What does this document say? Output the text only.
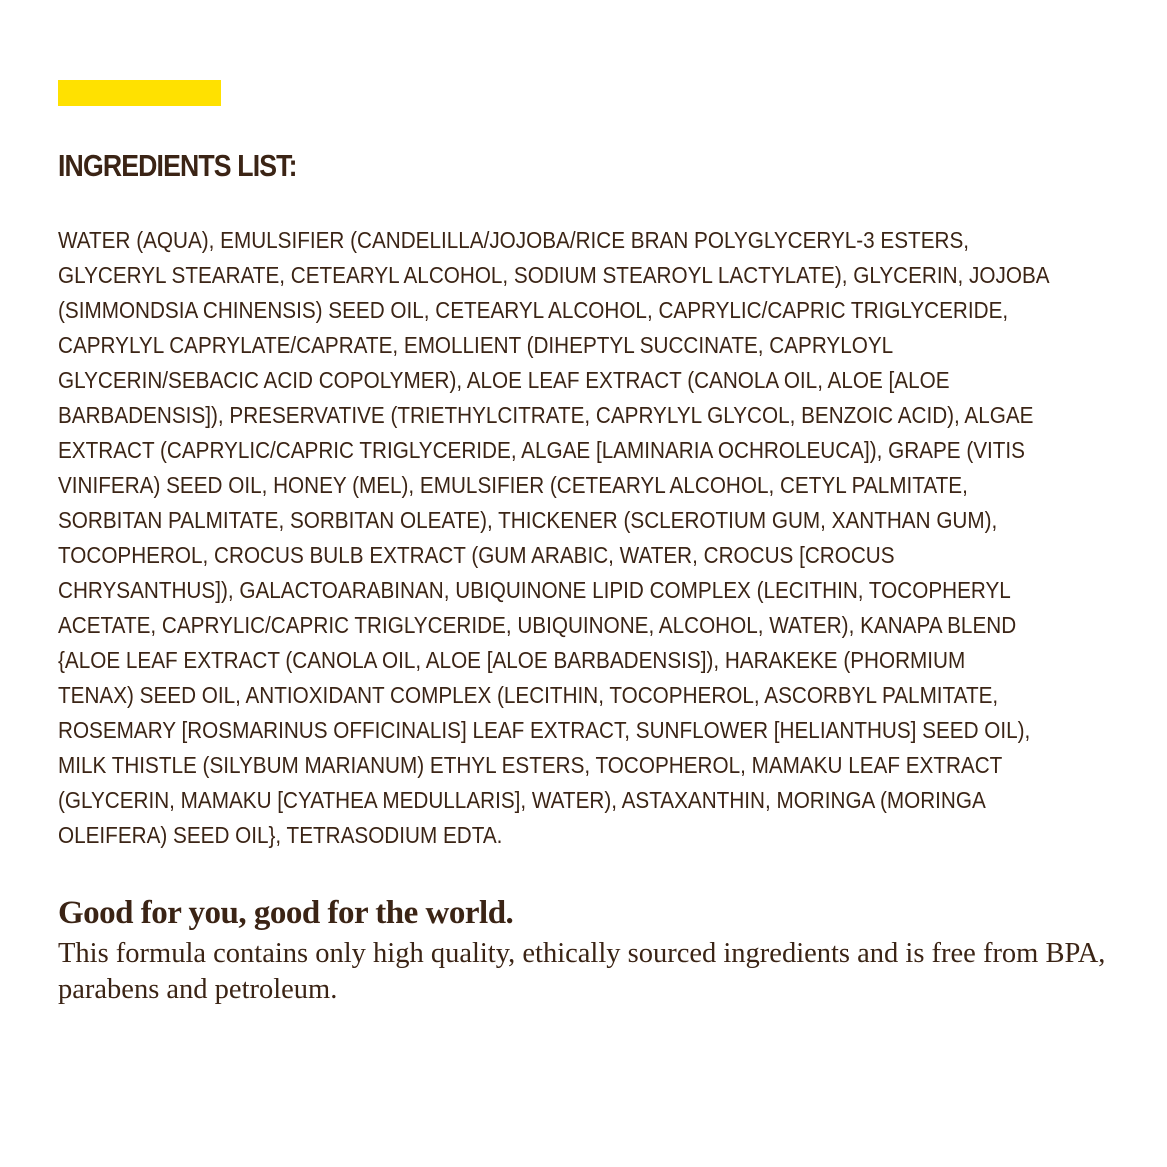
INGREDIENTS LIST:

WATER (AQUA), EMULSIFIER (CANDELILLA/JOJOBA/RICE BRAN POLYGLYCERYL-3 ESTERS,
GLYCERYL STEARATE, CETEARYL ALCOHOL, SODIUM STEAROYL LACTYLATE), GLYCERIN, JOJOBA
(SIMMONDSIA CHINENSIS) SEED OIL, CETEARYL ALCOHOL, CAPRYLIC/CAPRIC TRIGLYCERIDE,
CAPRYLYL CAPRYLATE/CAPRATE, EMOLLIENT (DIHEPTYL SUCCINATE, CAPRYLOYL
GLYCERIN/SEBACIC ACID COPOLYMER), ALOE LEAF EXTRACT (CANOLA OIL, ALOE [ALOE
BARBADENSIS]), PRESERVATIVE (TRIETHYLCITRATE, CAPRYLYL GLYCOL, BENZOIC ACID), ALGAE
EXTRACT (CAPRYLIC/CAPRIC TRIGLYCERIDE, ALGAE [LAMINARIA OCHROLEUCA]), GRAPE (VITIS
VINIFERA) SEED OIL, HONEY (MEL), EMULSIFIER (CETEARYL ALCOHOL, CETYL PALMITATE,
SORBITAN PALMITATE, SORBITAN OLEATE), THICKENER (SCLEROTIUM GUM, XANTHAN GUM),
TOCOPHEROL, CROCUS BULB EXTRACT (GUM ARABIC, WATER, CROCUS [CROCUS
CHRYSANTHUS]), GALACTOARABINAN, UBIQUINONE LIPID COMPLEX (LECITHIN, TOCOPHERYL
ACETATE, CAPRYLIC/CAPRIC TRIGLYCERIDE, UBIQUINONE, ALCOHOL, WATER), KANAPA BLEND
{ALOE LEAF EXTRACT (CANOLA OIL, ALOE [ALOE BARBADENSIS]), HARAKEKE (PHORMIUM
TENAX) SEED OIL, ANTIOXIDANT COMPLEX (LECITHIN, TOCOPHEROL, ASCORBYL PALMITATE,
ROSEMARY [ROSMARINUS OFFICINALIS] LEAF EXTRACT, SUNFLOWER [HELIANTHUS] SEED OIL),
MILK THISTLE (SILYBUM MARIANUM) ETHYL ESTERS, TOCOPHEROL, MAMAKU LEAF EXTRACT
(GLYCERIN, MAMAKU [CYATHEA MEDULLARIS], WATER), ASTAXANTHIN, MORINGA (MORINGA
OLEIFERA) SEED OIL}, TETRASODIUM EDTA.

Good for you, good for the world.

This formula contains only high quality, ethically sourced ingredients and is free from BPA, parabens and petroleum.
